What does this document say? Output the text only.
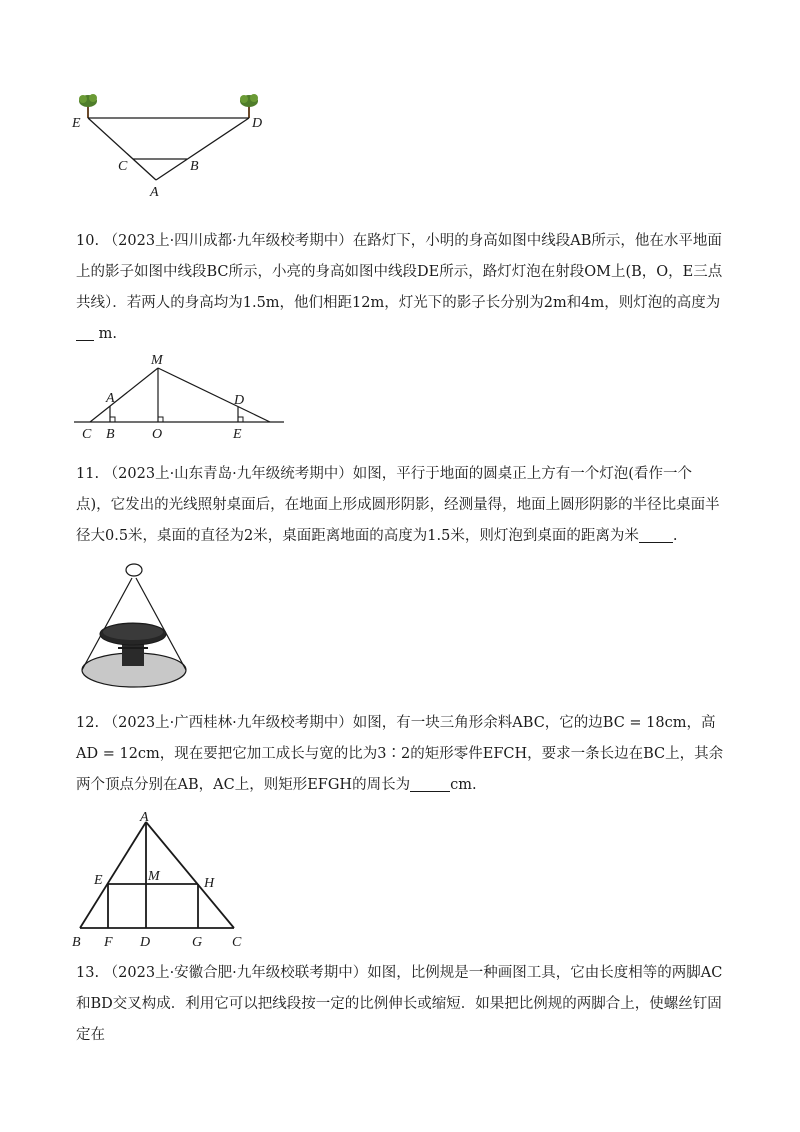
E	D
C	B
A

10. （2023上·四川成都·九年级校考期中）在路灯下，小明的身高如图中线段AB所示，他在水平地面上的影子如图中线段BC所示，小亮的身高如图中线段DE所示，路灯灯泡在射段OM上(B，O，E三点共线）．若两人的身高均为1.5m，他们相距12m，灯光下的影子长分别为2m和4m，则灯泡的高度为 m.

M
A	D
C B	O	E

11. （2023上·山东青岛·九年级统考期中）如图，平行于地面的圆桌正上方有一个灯泡(看作一个点)，它发出的光线照射桌面后，在地面上形成圆形阴影，经测量得，地面上圆形阴影的半径比桌面半径大0.5米，桌面的直径为2米，桌面距离地面的高度为1.5米，则灯泡到桌面的距离为米 .

12. （2023上·广西桂林·九年级校考期中）如图，有一块三角形余料ABC，它的边BC = 18cm，高AD = 12cm，现在要把它加工成长与宽的比为3∶2的矩形零件EFCH，要求一条长边在BC上，其余两个顶点分别在AB，AC上，则矩形EFGH的周长为	cm.

A
E	M	H
B F D	G C

13. （2023上·安徽合肥·九年级校联考期中）如图，比例规是一种画图工具，它由长度相等的两脚AC和BD交叉构成．利用它可以把线段按一定的比例伸长或缩短．如果把比例规的两脚合上，使螺丝钉固定在
